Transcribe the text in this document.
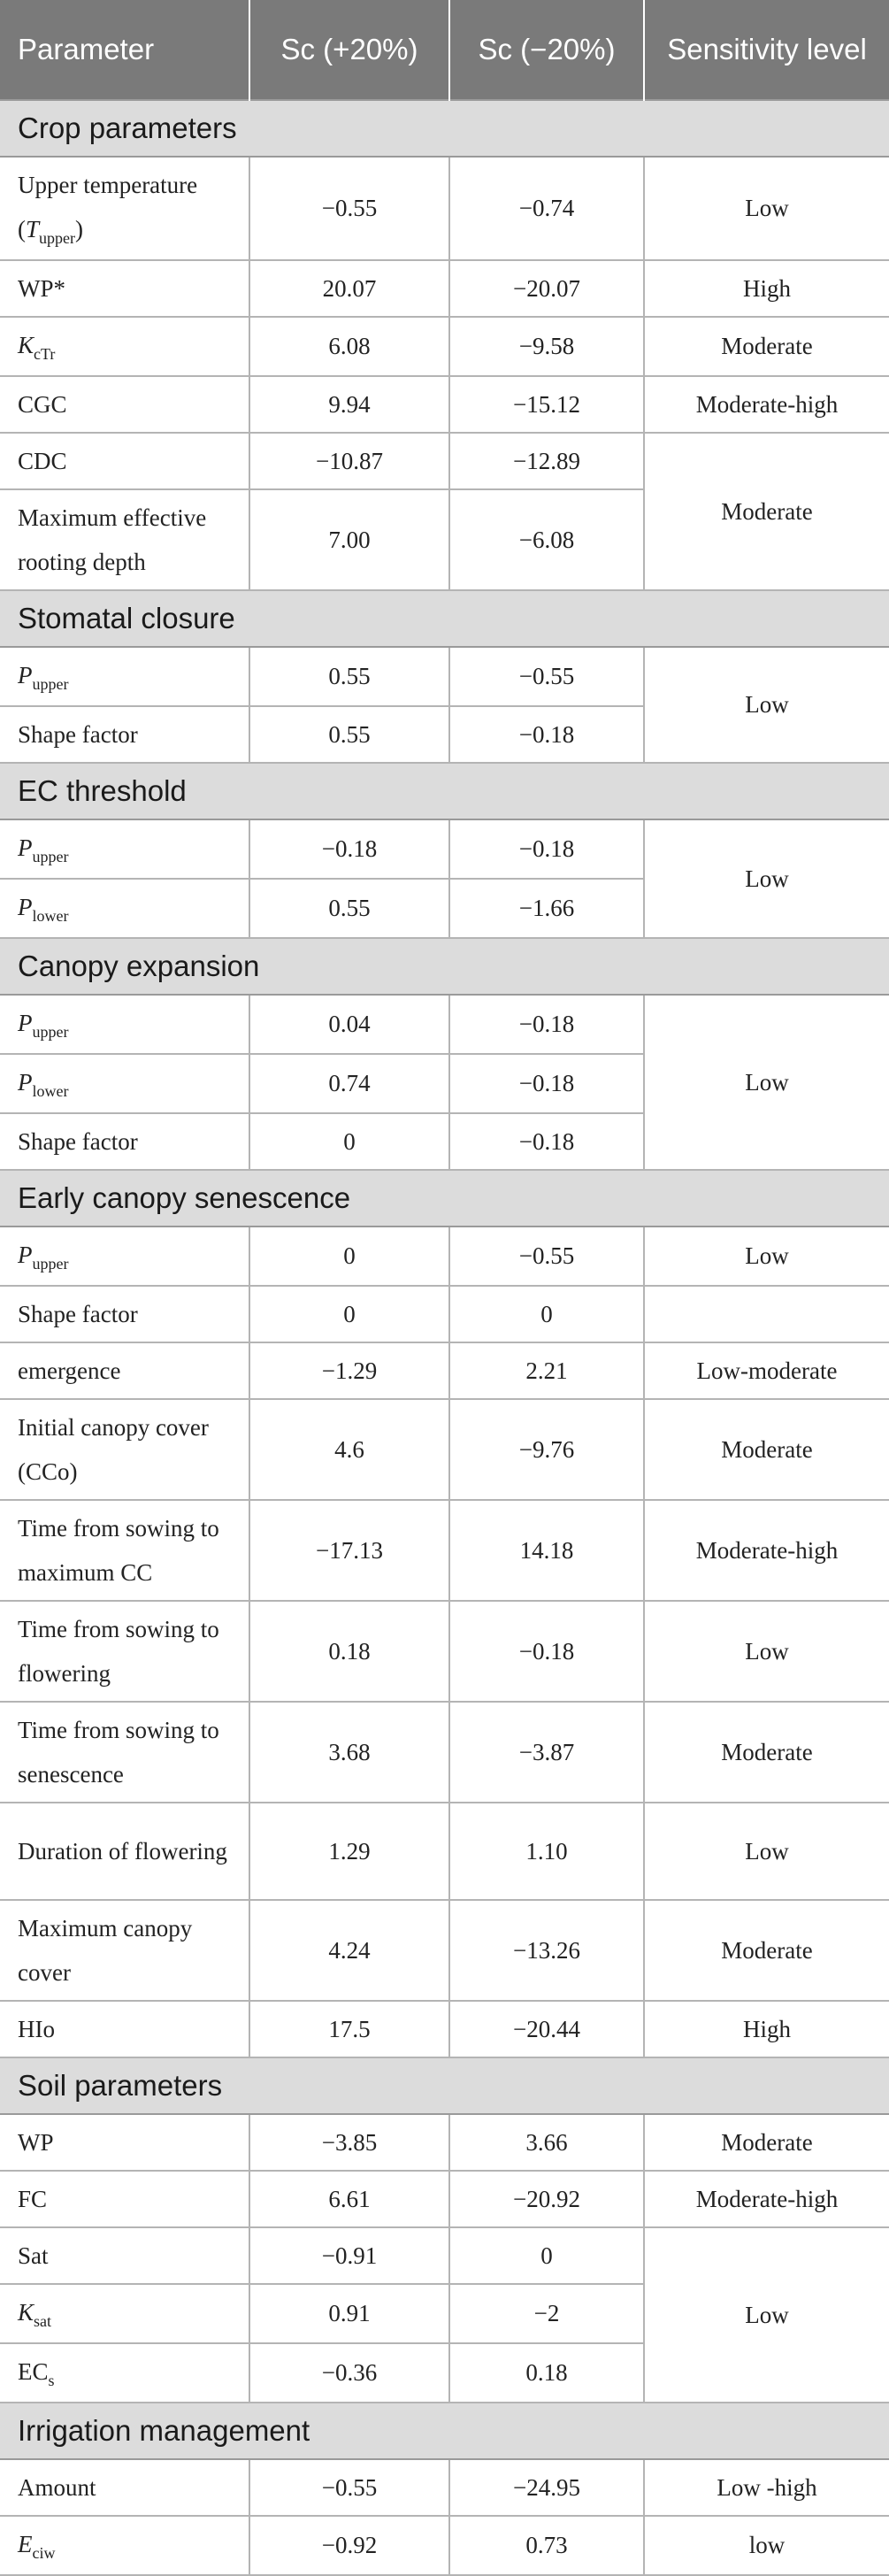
Parameter	Sc (+20%)	Sc (−20%)	Sensitivity level
Crop parameters			
Upper temperature $(T_{upper})$	−0.55	−0.74	Low
WP*	20.07	−20.07	High
$K_{cTr}$	6.08	−9.58	Moderate
CGC	9.94	−15.12	Moderate-high
CDC	−10.87	−12.89	Moderate
Maximum effective rooting depth	7.00	−6.08	
Stomatal closure			
$P_{upper}$	0.55	−0.55	Low
Shape factor	0.55	−0.18	
EC threshold			
$P_{upper}$	−0.18	−0.18	Low
$P_{lower}$	0.55	−1.66	
Canopy expansion			
$P_{upper}$	0.04	−0.18	Low
$P_{lower}$	0.74	−0.18	
Shape factor	0	−0.18	
Early canopy senescence			
$P_{upper}$	0	−0.55	Low
Shape factor	0	0	
emergence	−1.29	2.21	Low-moderate
Initial canopy cover (CCo)	4.6	−9.76	Moderate
Time from sowing to maximum CC	−17.13	14.18	Moderate-high
Time from sowing to flowering	0.18	−0.18	Low
Time from sowing to senescence	3.68	−3.87	Moderate
Duration of flowering	1.29	1.10	Low
Maximum canopy cover	4.24	−13.26	Moderate
HIo	17.5	−20.44	High
Soil parameters			
WP	−3.85	3.66	Moderate
FC	6.61	−20.92	Moderate-high
Sat	−0.91	0	Low
$K_{sat}$	0.91	−2	
$EC_s$	−0.36	0.18	
Irrigation management			
Amount	−0.55	−24.95	Low -high
$E_{ciw}$	−0.92	0.73	low
